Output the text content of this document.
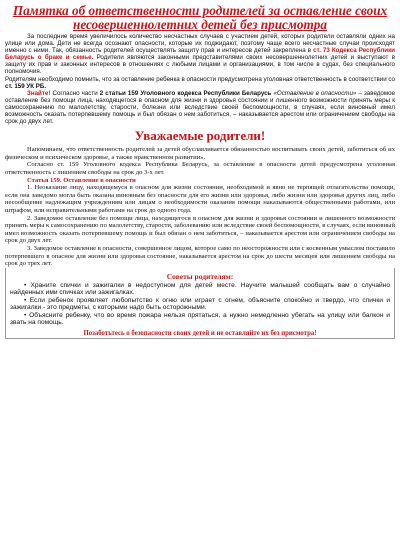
Памятка об ответственности родителей за оставление своих несовершеннолетних детей без присмотра

За последние время увеличилось количество несчастных случаев с участием детей, которых родители оставляли одних на улице или дома. Дети не всегда осознают опасности, которые их поджидают, поэтому чаще всего несчастные случаи происходят именно с ними. Так, обязанность родителей осуществлять защиту прав и интересов детей закреплена в ст. 73 Кодекса Республики Беларусь о браке и семье. Родители являются законными представителями своих несовершеннолетних детей и выступают в защиту их прав и законных интересов в отношениях с любыми лицами и организациями, в том числе в судах, без специального полномочия.

Родителям необходимо помнить, что за оставление ребенка в опасности предусмотрена уголовная ответственность в соответствии со ст. 159 УК РБ.

Знайте! Согласно части 2 статьи 159 Уголовного кодекса Республики Беларусь «Оставление в опасности» – заведомое оставление без помощи лица, находящегося в опасном для жизни и здоровья состоянии и лишенного возможности принять меры к самосохранению по малолетству, старости, болезни или вследствие своей беспомощности, в случаях, если виновный имел возможность оказать потерпевшему помощь и был обязан о нем заботиться, – наказывается арестом или ограничением свободы на срок до двух лет.

Уважаемые родители!

Напоминаем, что ответственность родителей за детей обуславливается обязанностью воспитывать своих детей, заботиться об их физическом и психическом здоровье, а также нравственном развитии».

Согласно ст. 159 Уголовного кодекса Республика Беларусь, за оставление в опасности детей предусмотрена уголовная ответственность с лишением свободы на срок до 3-х лет.

Статья 159. Оставление в опасности

1. Неоказание лицу, находящемуся в опасном для жизни состоянии, необходимой и явно не терпящей отлагательства помощи, если она заведомо могла быть оказана виновным без опасности для его жизни или здоровья, либо жизни или здоровья других лиц, либо несообщение надлежащим учреждениям или лицам о необходимости оказания помощи наказываются общественными работами, или штрафом, или исправительными работами на срок до одного года.

2. Заведомое оставление без помощи лица, находящегося в опасном для жизни и здоровья состоянии и лишенного возможности принять меры к самосохранению по малолетству, старости, заболеванию или вследствие своей беспомощности, в случаях, если виновный имел возможность оказать потерпевшему помощь и был обязан о нем заботиться, – наказывается арестом или ограничением свободы на срок до двух лет.

3. Заведомое оставление в опасности, совершенное лицом, которое само по неосторожности или с косвенным умыслом поставило потерпевшего в опасное для жизни или здоровья состояние, наказывается арестом на срок до шести месяцев или лишением свободы на срок до трех лет.

Советы родителям:

• Храните спички и зажигалки в недоступном для детей месте. Научите малышей сообщать вам о случайно найденных ими спичках или зажигалках.

• Если ребенок проявляет любопытство к огню или играет с огнем, объясните спокойно и твердо, что спички и зажигалки - это предметы, с которыми надо быть осторожными.

• Объясните ребенку, что во время пожара нельзя прятаться, а нужно немедленно убегать на улицу или балкон и звать на помощь.

Позаботьтесь о безопасности своих детей и не оставляйте их без присмотра!
